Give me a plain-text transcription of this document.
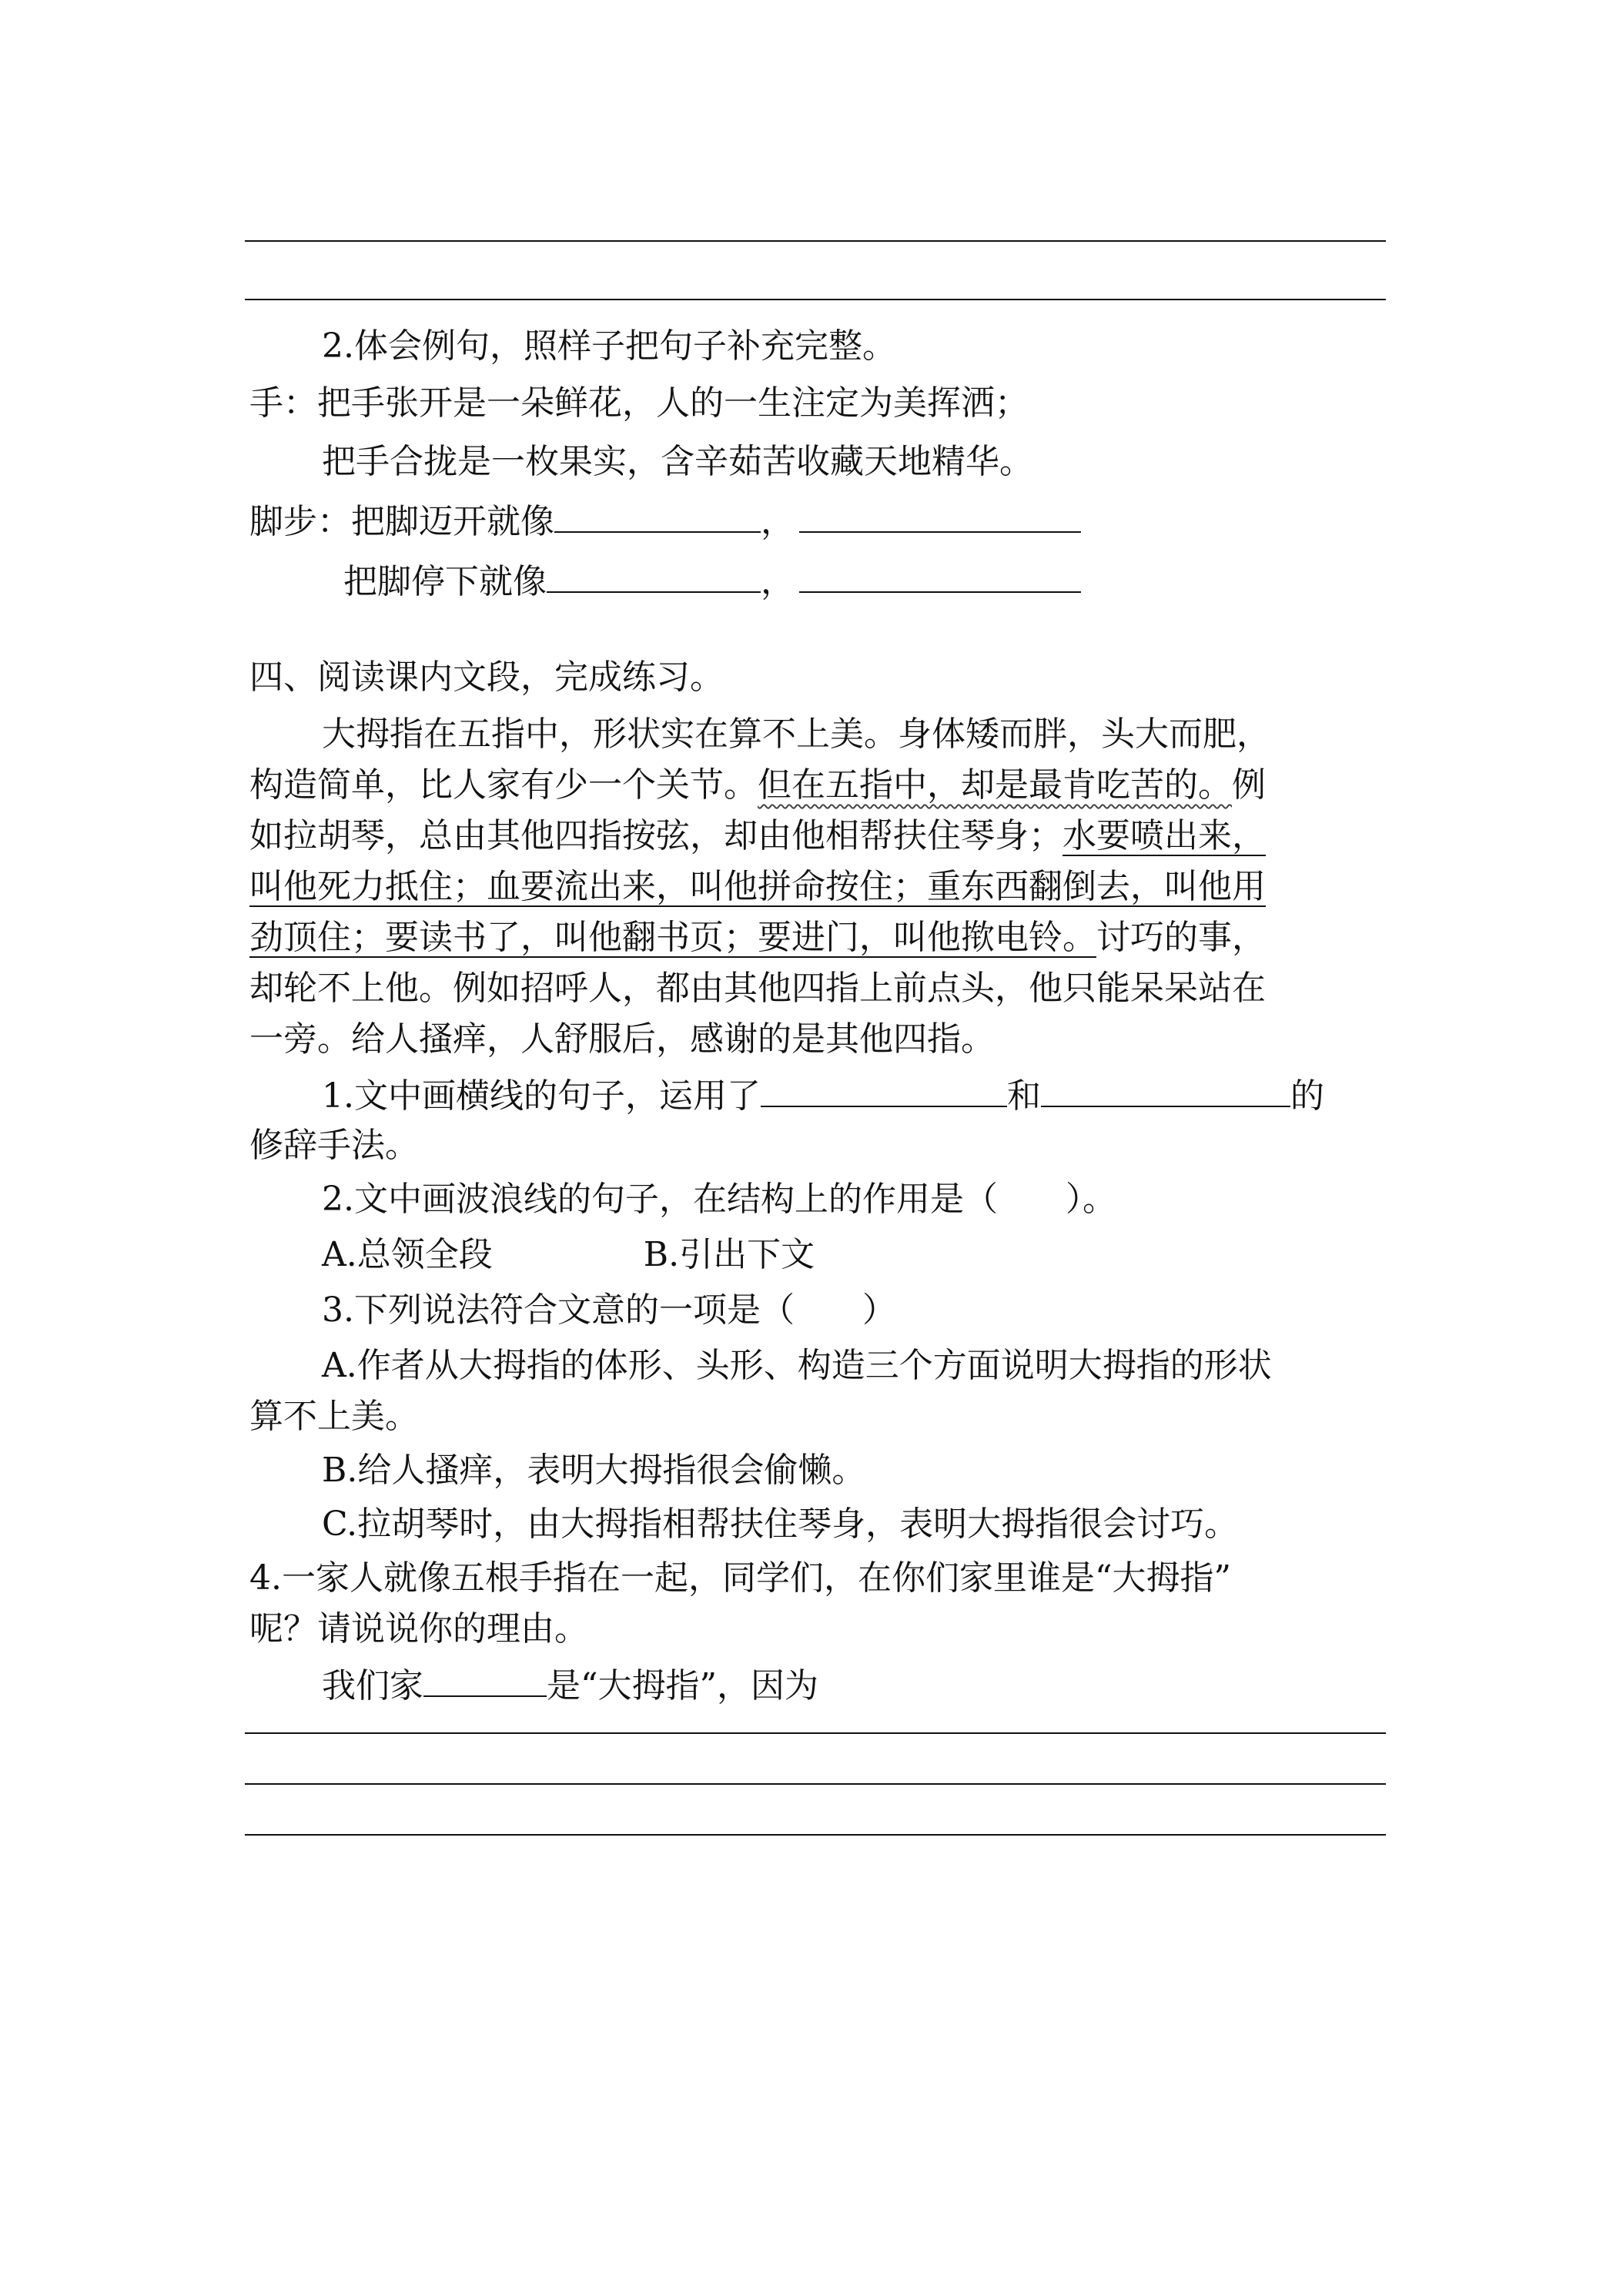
2.体会例句，照样子把句子补充完整。
手：把手张开是一朵鲜花，人的一生注定为美挥洒；
把手合拢是一枚果实，含辛茹苦收藏天地精华。
脚步：把脚迈开就像	，
把脚停下就像	，
四、阅读课内文段，完成练习。
大拇指在五指中，形状实在算不上美。身体矮而胖，头大而肥，
构造简单，比人家有少一个关节。但在五指中，却是最肯吃苦的。例
如拉胡琴，总由其他四指按弦，却由他相帮扶住琴身；水要喷出来，
叫他死力抵住；血要流出来，叫他拼命按住；重东西翻倒去，叫他用
劲顶住；要读书了，叫他翻书页；要进门，叫他揿电铃。讨巧的事，
却轮不上他。例如招呼人，都由其他四指上前点头，他只能呆呆站在
一旁。给人搔痒，人舒服后，感谢的是其他四指。
1.文中画横线的句子，运用了	和	的
修辞手法。
2.文中画波浪线的句子，在结构上的作用是（　　）。
A.总领全段	B.引出下文
3.下列说法符合文意的一项是（　　）
A.作者从大拇指的体形、头形、构造三个方面说明大拇指的形状
算不上美。
B.给人搔痒，表明大拇指很会偷懒。
C.拉胡琴时，由大拇指相帮扶住琴身，表明大拇指很会讨巧。
4.一家人就像五根手指在一起，同学们，在你们家里谁是“大拇指”
呢？请说说你的理由。
我们家	是“大拇指”，因为
